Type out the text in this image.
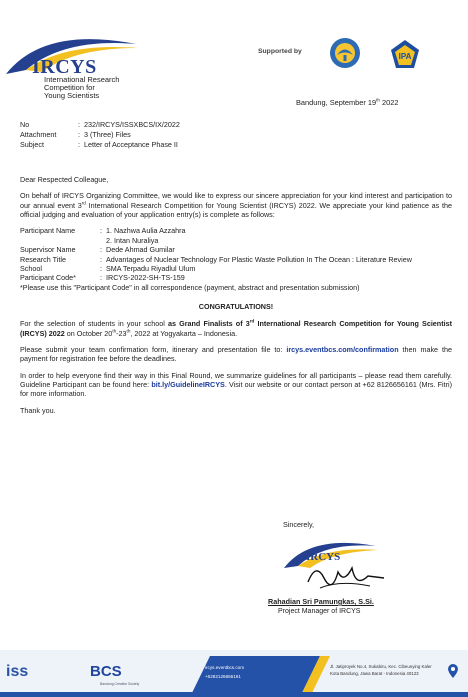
IRCYS
International Research
Competition for
Young Scientists
Supported by
IPA
Bandung, September 19th 2022
No	: 232/IRCYS/ISSXBCS/IX/2022
Attachment	: 3 (Three) Files
Subject	: Letter of Acceptance Phase II
Dear Respected Colleague,
On behalf of IRCYS Organizing Committee, we would like to express our sincere appreciation for your kind interest and participation to our annual event 3rd International Research Competition for Young Scientist (IRCYS) 2022. We appreciate your kind patience as the official judging and evaluation of your application entry(s) is complete as follows:
Participant Name	: 1. Nazhwa Aulia Azzahra
2. Intan Nuraliya
Supervisor Name	: Dede Ahmad Gumilar
Research Title	: Advantages of Nuclear Technology For Plastic Waste Pollution In The Ocean : Literature Review
School	: SMA Terpadu Riyadlul Ulum
Participant Code*	: IRCYS-2022-SH-TS-159
*Please use this "Participant Code" in all correspondence (payment, abstract and presentation submission)
CONGRATULATIONS!
For the selection of students in your school as Grand Finalists of 3rd International Research Competition for Young Scientist (IRCYS) 2022 on October 20th-23th, 2022 at Yogyakarta – Indonesia.
Please submit your team confirmation form, itinerary and presentation file to: ircys.eventbcs.com/confirmation then make the payment for registration fee before the deadlines.
In order to help everyone find their way in this Final Round, we summarize guidelines for all participants – please read them carefully. Guideline Participant can be found here: bit.ly/GuidelineIRCYS. Visit our website or our contact person at +62 8126656161 (Mrs. Fitri) for more information.
Thank you.
Sincerely,
IRCYS
Rahadian Sri Pamungkas, S.Si.
Project Manager of IRCYS
iss	BCS
Bandung Creative Society
ircys.eventbcs.com
+6282126656161
Jl. Jatiproyek No.4, Sukabiru, Kec. Cibeunying Kaler Kota Bandung, Jawa Barat - Indonesia 40123
